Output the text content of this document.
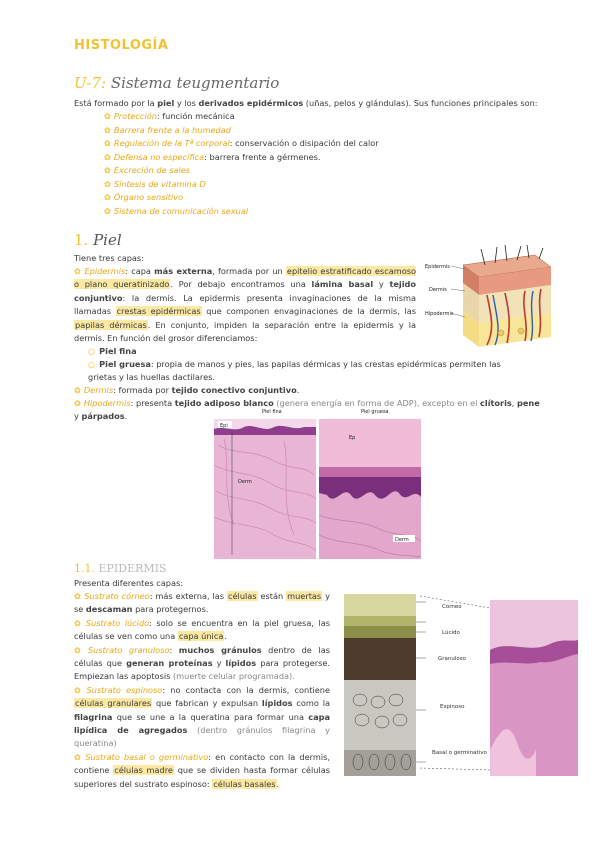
HISTOLOGÍA
U-7: Sistema teugmentario
Está formado por la piel y los derivados epidérmicos (uñas, pelos y glándulas). Sus funciones principales son:
✿ Protección: función mecánica
✿ Barrera frente a la humedad
✿ Regulación de la Tª corporal: conservación o disipación del calor
✿ Defensa no específica: barrera frente a gérmenes.
✿ Excreción de sales
✿ Síntesis de vitamina D
✿ Órgano sensitivo
✿ Sistema de comunicación sexual
1. Piel
Tiene tres capas:
✿ Epidermis: capa más externa, formada por un epitelio estratificado escamoso o plano queratinizado. Por debajo encontramos una lámina basal y tejido conjuntivo: la dermis. La epidermis presenta invaginaciones de la misma llamadas crestas epidérmicas que componen envaginaciones de la dermis, las papilas dérmicas. En conjunto, impiden la separación entre la epidermis y la dermis. En función del grosor diferenciamos:
○ Piel fina
○ Piel gruesa: propia de manos y pies, las papilas dérmicas y las crestas epidérmicas permiten las grietas y las huellas dactilares.
✿ Dermis: formada por tejido conectivo conjuntivo.
✿ Hipodermis: presenta tejido adiposo blanco (genera energía en forma de ADP), excepto en el clítoris, pene y párpados.
Epidermis
Dermis
Hipodermis
Piel fina
Epi
Derm
Piel gruesa
Ep
Derm
1.1. EPIDERMIS
Presenta diferentes capas:
✿ Sustrato córneo: más externa, las células están muertas y se descaman para protegernos.
✿ Sustrato lúcido: solo se encuentra en la piel gruesa, las células se ven como una capa única.
✿ Sustrato granuloso: muchos gránulos dentro de las células que generan proteínas y lípidos para protegerse. Empiezan las apoptosis (muerte celular programada).
✿ Sustrato espinoso: no contacta con la dermis, contiene células granulares que fabrican y expulsan lípidos como la filagrina que se une a la queratina para formar una capa lipídica de agregados (dentro gránulos filagrina y queratina)
✿ Sustrato basal o germinativo: en contacto con la dermis, contiene células madre que se dividen hasta formar células superiores del sustrato espinoso: células basales.
Córneo
Lúcido
Granuloso
Espinoso
Basal o germinativo
